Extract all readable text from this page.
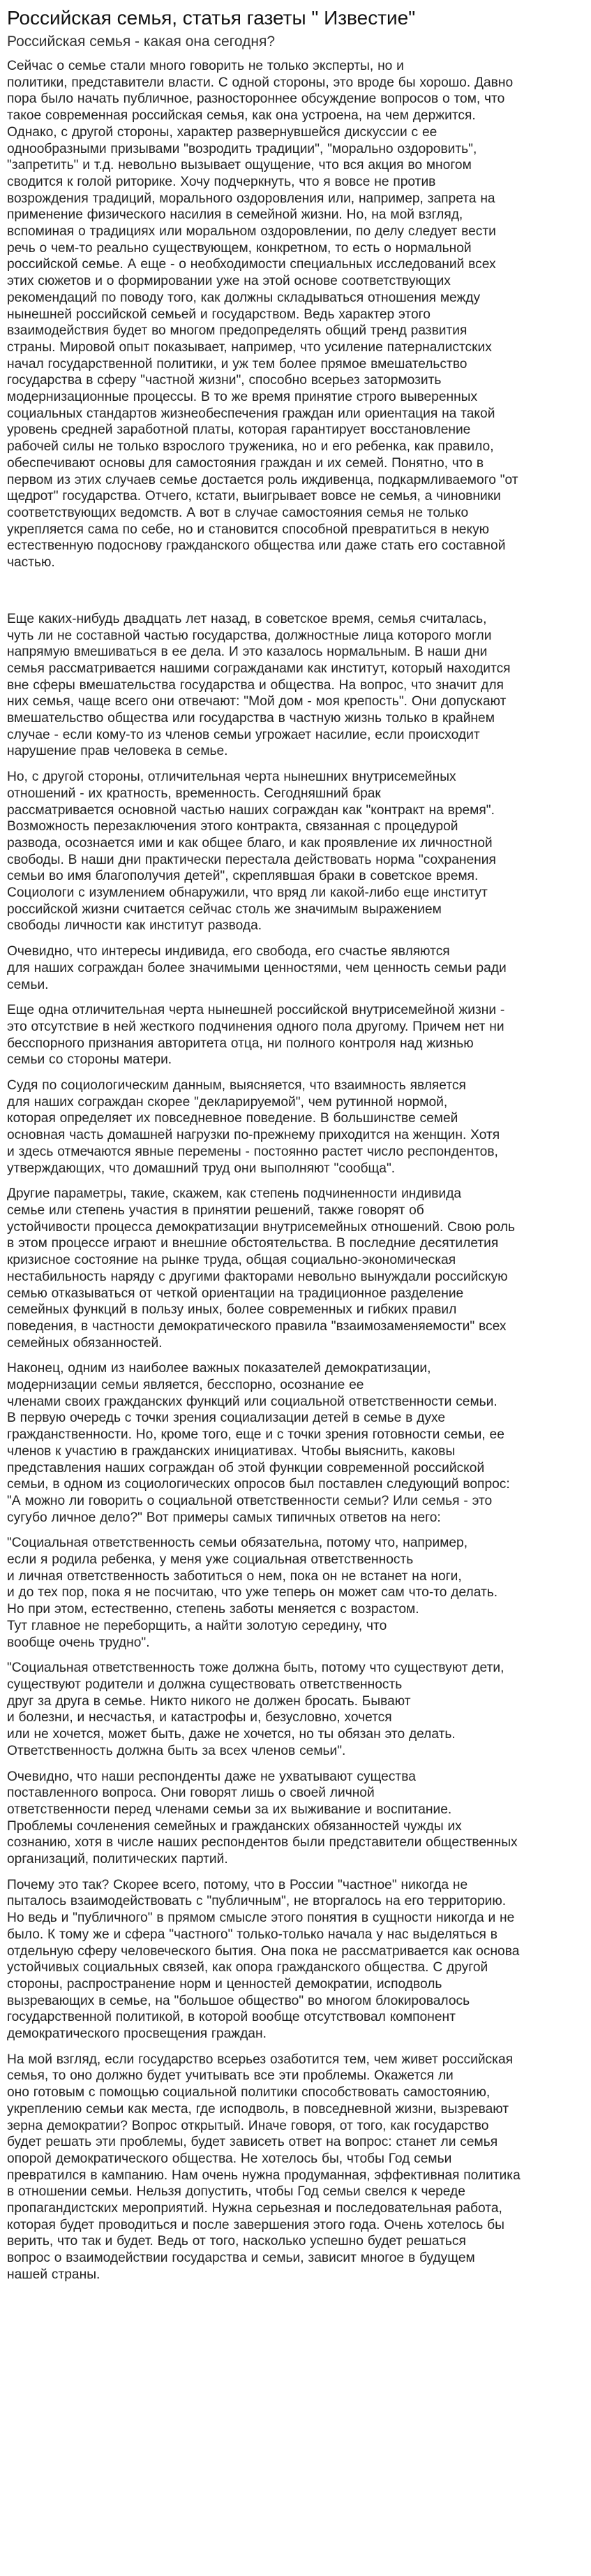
Российская семья, статья газеты " Известие"
Российская семья - какая она сегодня?

Сейчас о семье стали много говорить не только эксперты, но и
политики, представители власти. С одной стороны, это вроде бы хорошо. Давно
пора было начать публичное, разностороннее обсуждение вопросов о том, что
такое современная российская семья, как она устроена, на чем держится.
Однако, с другой стороны, характер развернувшейся дискуссии с ее
однообразными призывами "возродить традиции", "морально оздоровить",
"запретить" и т.д. невольно вызывает ощущение, что вся акция во многом
сводится к голой риторике. Хочу подчеркнуть, что я вовсе не против
возрождения традиций, морального оздоровления или, например, запрета на
применение физического насилия в семейной жизни. Но, на мой взгляд,
вспоминая о традициях или моральном оздоровлении, по делу следует вести
речь о чем-то реально существующем, конкретном, то есть о нормальной
российской семье. А еще - о необходимости специальных исследований всех
этих сюжетов и о формировании уже на этой основе соответствующих
рекомендаций по поводу того, как должны складываться отношения между
нынешней российской семьей и государством. Ведь характер этого
взаимодействия будет во многом предопределять общий тренд развития
страны. Мировой опыт показывает, например, что усиление патерналистских
начал государственной политики, и уж тем более прямое вмешательство
государства в сферу "частной жизни", способно всерьез затормозить
модернизационные процессы. В то же время принятие строго выверенных
социальных стандартов жизнеобеспечения граждан или ориентация на такой
уровень средней заработной платы, которая гарантирует восстановление
рабочей силы не только взрослого труженика, но и его ребенка, как правило,
обеспечивают основы для самостояния граждан и их семей. Понятно, что в
первом из этих случаев семье достается роль иждивенца, подкармливаемого "от
щедрот" государства. Отчего, кстати, выигрывает вовсе не семья, а чиновники
соответствующих ведомств. А вот в случае самостояния семья не только
укрепляется сама по себе, но и становится способной превратиться в некую
естественную подоснову гражданского общества или даже стать его составной
частью.

Еще каких-нибудь двадцать лет назад, в советское время, семья считалась,
чуть ли не составной частью государства, должностные лица которого могли
напрямую вмешиваться в ее дела. И это казалось нормальным. В наши дни
семья рассматривается нашими согражданами как институт, который находится
вне сферы вмешательства государства и общества. На вопрос, что значит для
них семья, чаще всего они отвечают: "Мой дом - моя крепость". Они допускают
вмешательство общества или государства в частную жизнь только в крайнем
случае - если кому-то из членов семьи угрожает насилие, если происходит
нарушение прав человека в семье.

Но, с другой стороны, отличительная черта нынешних внутрисемейных
отношений - их кратность, временность. Сегодняшний брак
рассматривается основной частью наших сограждан как "контракт на время".
Возможность перезаключения этого контракта, связанная с процедурой
развода, осознается ими и как общее благо, и как проявление их личностной
свободы. В наши дни практически перестала действовать норма "сохранения
семьи во имя благополучия детей", скреплявшая браки в советское время.
Социологи с изумлением обнаружили, что вряд ли какой-либо еще институт
российской жизни считается сейчас столь же значимым выражением
свободы личности как институт развода.

Очевидно, что интересы индивида, его свобода, его счастье являются
для наших сограждан более значимыми ценностями, чем ценность семьи ради
семьи.

Еще одна отличительная черта нынешней российской внутрисемейной жизни -
это отсутствие в ней жесткого подчинения одного пола другому. Причем нет ни
бесспорного признания авторитета отца, ни полного контроля над жизнью
семьи со стороны матери.

Судя по социологическим данным, выясняется, что взаимность является
для наших сограждан скорее "декларируемой", чем рутинной нормой,
которая определяет их повседневное поведение. В большинстве семей
основная часть домашней нагрузки по-прежнему приходится на женщин. Хотя
и здесь отмечаются явные перемены - постоянно растет число респондентов,
утверждающих, что домашний труд они выполняют "сообща".

Другие параметры, такие, скажем, как степень подчиненности индивида
семье или степень участия в принятии решений, также говорят об
устойчивости процесса демократизации внутрисемейных отношений. Свою роль
в этом процессе играют и внешние обстоятельства. В последние десятилетия
кризисное состояние на рынке труда, общая социально-экономическая
нестабильность наряду с другими факторами невольно вынуждали российскую
семью отказываться от четкой ориентации на традиционное разделение
семейных функций в пользу иных, более современных и гибких правил
поведения, в частности демократического правила "взаимозаменяемости" всех
семейных обязанностей.

Наконец, одним из наиболее важных показателей демократизации,
модернизации семьи является, бесспорно, осознание ее
членами своих гражданских функций или социальной ответственности семьи.
В первую очередь с точки зрения социализации детей в семье в духе
гражданственности. Но, кроме того, еще и с точки зрения готовности семьи, ее
членов к участию в гражданских инициативах. Чтобы выяснить, каковы
представления наших сограждан об этой функции современной российской
семьи, в одном из социологических опросов был поставлен следующий вопрос:
"А можно ли говорить о социальной ответственности семьи? Или семья - это
сугубо личное дело?" Вот примеры самых типичных ответов на него:

"Социальная ответственность семьи обязательна, потому что, например,
если я родила ребенка, у меня уже социальная ответственность
и личная ответственность заботиться о нем, пока он не встанет на ноги,
и до тех пор, пока я не посчитаю, что уже теперь он может сам что-то делать.
Но при этом, естественно, степень заботы меняется с возрастом.
Тут главное не переборщить, а найти золотую середину, что
вообще очень трудно".

"Социальная ответственность тоже должна быть, потому что существуют дети,
существуют родители и должна существовать ответственность
друг за друга в семье. Никто никого не должен бросать. Бывают
и болезни, и несчастья, и катастрофы и, безусловно, хочется
или не хочется, может быть, даже не хочется, но ты обязан это делать.
Ответственность должна быть за всех членов семьи".

Очевидно, что наши респонденты даже не ухватывают существа
поставленного вопроса. Они говорят лишь о своей личной
ответственности перед членами семьи за их выживание и воспитание.
Проблемы сочленения семейных и гражданских обязанностей чужды их
сознанию, хотя в числе наших респондентов были представители общественных
организаций, политических партий.

Почему это так? Скорее всего, потому, что в России "частное" никогда не
пыталось взаимодействовать с "публичным", не вторгалось на его территорию.
Но ведь и "публичного" в прямом смысле этого понятия в сущности никогда и не
было. К тому же и сфера "частного" только-только начала у нас выделяться в
отдельную сферу человеческого бытия. Она пока не рассматривается как основа
устойчивых социальных связей, как опора гражданского общества. С другой
стороны, распространение норм и ценностей демократии, исподволь
вызревающих в семье, на "большое общество" во многом блокировалось
государственной политикой, в которой вообще отсутствовал компонент
демократического просвещения граждан.

На мой взгляд, если государство всерьез озаботится тем, чем живет российская
семья, то оно должно будет учитывать все эти проблемы. Окажется ли
оно готовым с помощью социальной политики способствовать самостоянию,
укреплению семьи как места, где исподволь, в повседневной жизни, вызревают
зерна демократии? Вопрос открытый. Иначе говоря, от того, как государство
будет решать эти проблемы, будет зависеть ответ на вопрос: станет ли семья
опорой демократического общества. Не хотелось бы, чтобы Год семьи
превратился в кампанию. Нам очень нужна продуманная, эффективная политика
в отношении семьи. Нельзя допустить, чтобы Год семьи свелся к череде
пропагандистских мероприятий. Нужна серьезная и последовательная работа,
которая будет проводиться и после завершения этого года. Очень хотелось бы
верить, что так и будет. Ведь от того, насколько успешно будет решаться
вопрос о взаимодействии государства и семьи, зависит многое в будущем
нашей страны.
